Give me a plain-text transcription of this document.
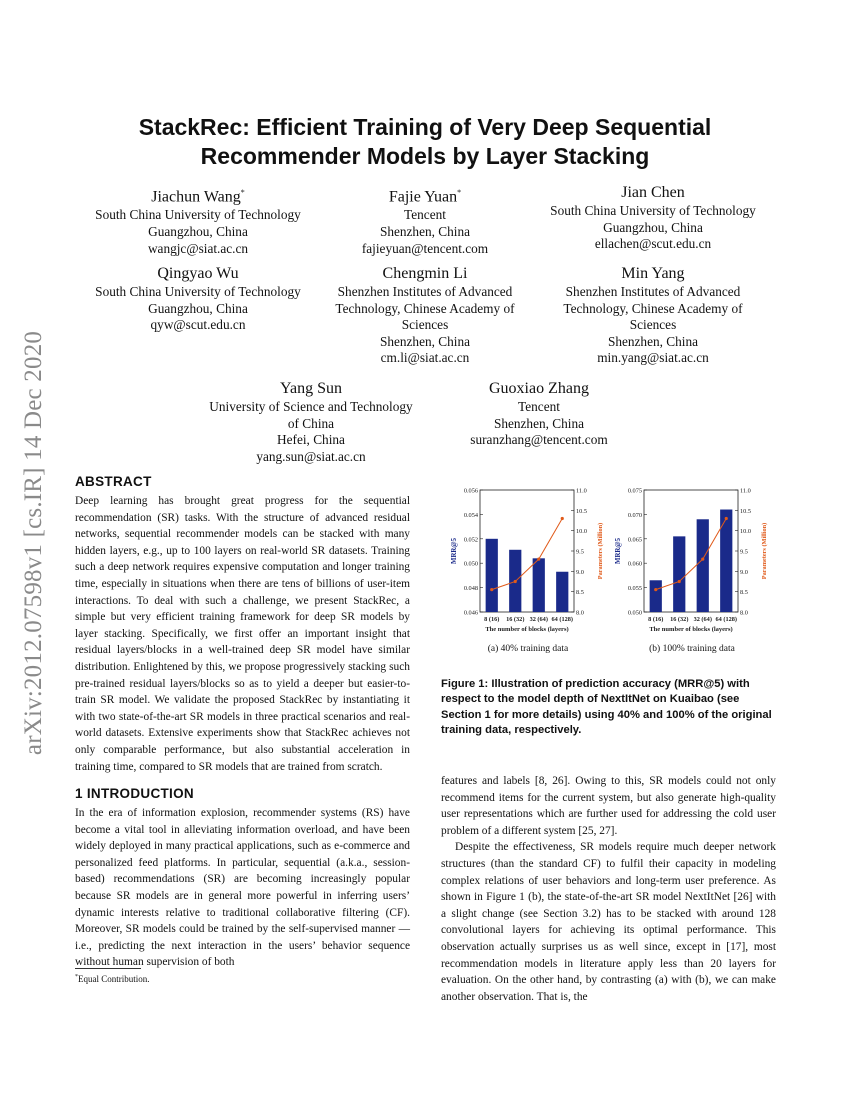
arXiv:2012.07598v1 [cs.IR] 14 Dec 2020
StackRec: Efficient Training of Very Deep Sequential
Recommender Models by Layer Stacking
Jiachun Wang*
South China University of Technology
Guangzhou, China
wangjc@siat.ac.cn
Fajie Yuan*
Tencent
Shenzhen, China
fajieyuan@tencent.com
Jian Chen
South China University of Technology
Guangzhou, China
ellachen@scut.edu.cn
Qingyao Wu
South China University of Technology
Guangzhou, China
qyw@scut.edu.cn
Chengmin Li
Shenzhen Institutes of Advanced
Technology, Chinese Academy of
Sciences
Shenzhen, China
cm.li@siat.ac.cn
Min Yang
Shenzhen Institutes of Advanced
Technology, Chinese Academy of
Sciences
Shenzhen, China
min.yang@siat.ac.cn
Yang Sun
University of Science and Technology
of China
Hefei, China
yang.sun@siat.ac.cn
Guoxiao Zhang
Tencent
Shenzhen, China
suranzhang@tencent.com
ABSTRACT

Deep learning has brought great progress for the sequential recommendation (SR) tasks. With the structure of advanced residual networks, sequential recommender models can be stacked with many hidden layers, e.g., up to 100 layers on real-world SR datasets. Training such a deep network requires expensive computation and longer training time, especially in situations when there are tens of billions of user-item interactions. To deal with such a challenge, we present StackRec, a simple but very efficient training framework for deep SR models by layer stacking. Specifically, we first offer an important insight that residual layers/blocks in a well-trained deep SR model have similar distribution. Enlightened by this, we propose progressively stacking such pre-trained residual layers/blocks so as to yield a deeper but easier-to-train SR model. We validate the proposed StackRec by instantiating it with two state-of-the-art SR models in three practical scenarios and real-world datasets. Extensive experiments show that StackRec achieves not only comparable performance, but also substantial acceleration in training time, compared to SR models that are trained from scratch.

1 INTRODUCTION

In the era of information explosion, recommender systems (RS) have become a vital tool in alleviating information overload, and have been widely deployed in many practical applications, such as e-commerce and personalized feed platforms. In particular, sequential (a.k.a., session-based) recommendations (SR) are becoming increasingly popular because SR models are in general more powerful in inferring users’ dynamic interests relative to traditional collaborative filtering (CF). Moreover, SR models could be trained by the self-supervised manner — i.e., predicting the next interaction in the users’ behavior sequence without human supervision of both

*Equal Contribution.
0.046
0.048
0.050
0.052
0.054
0.056
8.0
8.5
9.0
9.5
10.0
10.5
11.0
8 (16) 16 (32) 32 (64) 64 (128)
The number of blocks (layers)
MRR@5	Parameters (Million)
(a) 40% training data
0.050
0.055
0.060
0.065
0.070
0.075
8.0
8.5
9.0
9.5
10.0
10.5
11.0
8 (16) 16 (32) 32 (64) 64 (128)
The number of blocks (layers)
MRR@5	Parameters (Million)
(b) 100% training data

Figure 1: Illustration of prediction accuracy (MRR@5) with respect to the model depth of NextItNet on Kuaibao (see Section 1 for more details) using 40% and 100% of the original training data, respectively.

features and labels [8, 26]. Owing to this, SR models could not only recommend items for the current system, but also generate high-quality user representations which are further used for addressing the cold user problem of a different system [25, 27].

Despite the effectiveness, SR models require much deeper network structures (than the standard CF) to fulfil their capacity in modeling complex relations of user behaviors and long-term user preference. As shown in Figure 1 (b), the state-of-the-art SR model NextItNet [26] with a slight change (see Section 3.2) has to be stacked with around 128 convolutional layers for achieving its optimal performance. This observation actually surprises us as well since, except in [17], most recommendation models in literature apply less than 20 layers for evaluation. On the other hand, by contrasting (a) with (b), we can make another observation. That is, the
